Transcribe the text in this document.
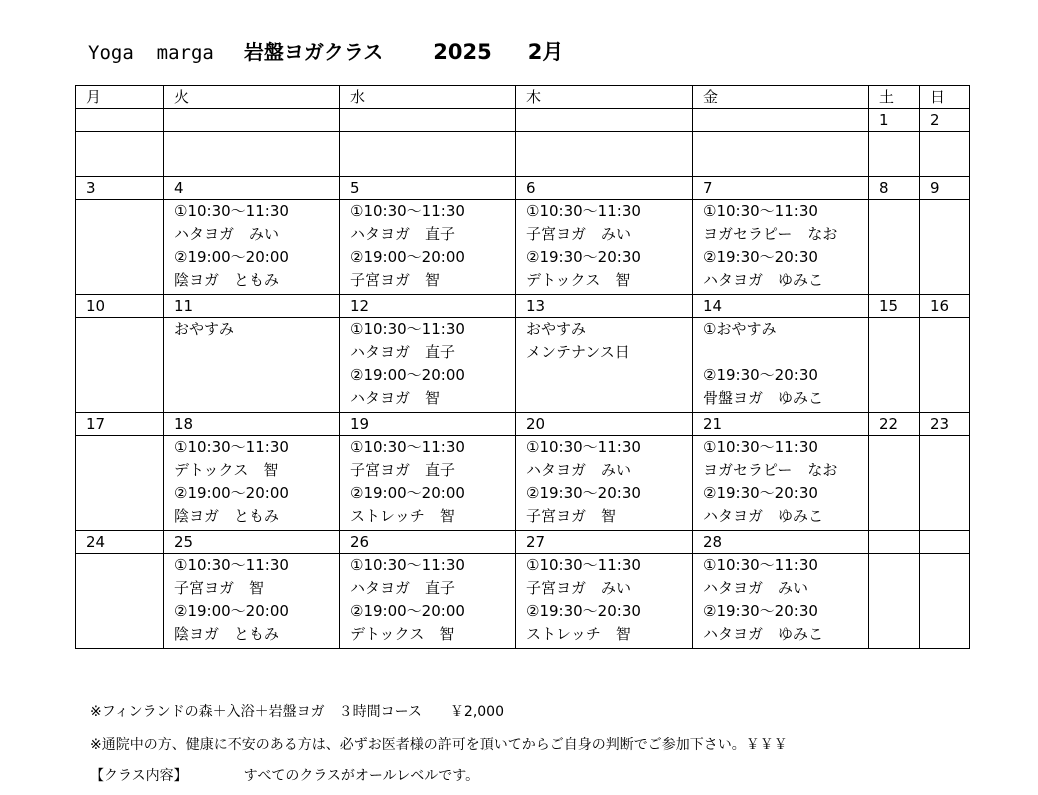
Yoga  marga 岩盤ヨガクラス 2025 2月
月	火	水	木	金	土	日
					1	2

3	4	5	6	7	8	9

	①10:30～11:30
ハタヨガ　みい
②19:00～20:00
陰ヨガ　ともみ	①10:30～11:30
ハタヨガ　直子
②19:00～20:00
子宮ヨガ　智	①10:30～11:30
子宮ヨガ　みい
②19:30～20:30
デトックス　智	①10:30～11:30
ヨガセラピー　なお
②19:30～20:30
ハタヨガ　ゆみこ		

10	11	12	13	14	15	16

	おやすみ	①10:30～11:30
ハタヨガ　直子
②19:00～20:00
ハタヨガ　智	おやすみ
メンテナンス日	①おやすみ
②19:30～20:30
骨盤ヨガ　ゆみこ		

17	18	19	20	21	22	23

	①10:30～11:30
デトックス　智
②19:00～20:00
陰ヨガ　ともみ	①10:30～11:30
子宮ヨガ　直子
②19:00～20:00
ストレッチ　智	①10:30～11:30
ハタヨガ　みい
②19:30～20:30
子宮ヨガ　智	①10:30～11:30
ヨガセラピー　なお
②19:30～20:30
ハタヨガ　ゆみこ		

24	25	26	27	28		

	①10:30～11:30
子宮ヨガ　智
②19:00～20:00
陰ヨガ　ともみ	①10:30～11:30
ハタヨガ　直子
②19:00～20:00
デトックス　智	①10:30～11:30
子宮ヨガ　みい
②19:30～20:30
ストレッチ　智	①10:30～11:30
ハタヨガ　みい
②19:30～20:30
ハタヨガ　ゆみこ		

※フィンランドの森＋入浴＋岩盤ヨガ　３時間コース　　￥2,000
※通院中の方、健康に不安のある方は、必ずお医者様の許可を頂いてからご自身の判断でご参加下さい。￥￥￥
【クラス内容】	すべてのクラスがオールレベルです。
